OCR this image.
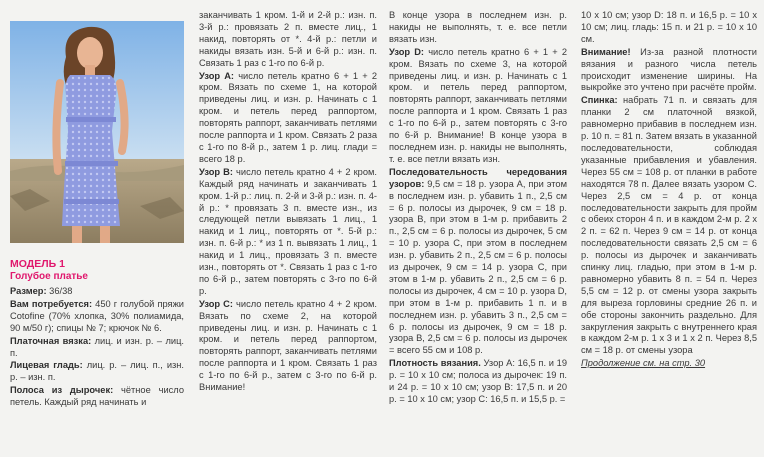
МОДЕЛЬ 1
Голубое платье

Размер: 36/38

Вам потребуется: 450 г голубой пряжи Cotofine (70% хлопка, 30% полиамида, 90 м/50 г); спицы № 7; крючок № 6.

Платочная вязка: лиц. и изн. р. – лиц. п.

Лицевая гладь: лиц. р. – лиц. п., изн. р. – изн. п.

Полоса из дырочек: чётное число петель. Каждый ряд начинать и

заканчивать 1 кром. 1-й и 2-й р.: изн. п. 3-й р.: провязать 2 п. вместе лиц., 1 накид, повторять от *. 4-й р.: петли и накиды вязать изн. 5-й и 6-й р.: изн. п. Связать 1 раз с 1-го по 6-й р.

Узор A: число петель кратно 6 + 1 + 2 кром. Вязать по схеме 1, на которой приведены лиц. и изн. р. Начинать с 1 кром. и петель перед раппортом, повторять раппорт, заканчивать петлями после раппорта и 1 кром. Связать 2 раза с 1-го по 8-й р., затем 1 р. лиц. глади = всего 18 р.

Узор B: число петель кратно 4 + 2 кром. Каждый ряд начинать и заканчивать 1 кром. 1-й р.: лиц. п. 2-й и 3-й р.: изн. п. 4-й р.: * провязать 3 п. вместе изн., из следующей петли вывязать 1 лиц., 1 накид и 1 лиц., повторять от *. 5-й р.: изн. п. 6-й р.: * из 1 п. вывязать 1 лиц., 1 накид и 1 лиц., провязать 3 п. вместе изн., повторять от *. Связать 1 раз с 1-го по 6-й р., затем повторять с 3-го по 6-й р.

Узор C: число петель кратно 4 + 2 кром. Вязать по схеме 2, на которой приведены лиц. и изн. р. Начинать с 1 кром. и петель перед раппортом, повторять раппорт, заканчивать петлями после раппорта и 1 кром. Связать 1 раз с 1-го по 6-й р., затем с 3-го по 6-й р. Внимание!

В конце узора в последнем изн. р. накиды не выполнять, т. е. все петли вязать изн.

Узор D: число петель кратно 6 + 1 + 2 кром. Вязать по схеме 3, на которой приведены лиц. и изн. р. Начинать с 1 кром. и петель перед раппортом, повторять раппорт, заканчивать петлями после раппорта и 1 кром. Связать 1 раз с 1-го по 6-й р., затем повторять с 3-го по 6-й р. Внимание! В конце узора в последнем изн. р. накиды не выполнять, т. е. все петли вязать изн.

Последовательность чередования узоров: 9,5 см = 18 р. узора A, при этом в последнем изн. р. убавить 1 п., 2,5 см = 6 р. полосы из дырочек, 9 см = 18 р. узора B, при этом в 1-м р. прибавить 2 п., 2,5 см = 6 р. полосы из дырочек, 5 см = 10 р. узора C, при этом в последнем изн. р. убавить 2 п., 2,5 см = 6 р. полосы из дырочек, 9 см = 14 р. узора C, при этом в 1-м р. убавить 2 п., 2,5 см = 6 р. полосы из дырочек, 4 см = 10 р. узора D, при этом в 1-м р. прибавить 1 п. и в последнем изн. р. убавить 3 п., 2,5 см = 6 р. полосы из дырочек, 9 см = 18 р. узора B, 2,5 см = 6 р. полосы из дырочек = всего 55 см и 108 р.

Плотность вязания. Узор A: 16,5 п. и 19 р. = 10 х 10 см; полоса из дырочек: 19 п. и 24 р. = 10 х 10 см; узор B: 17,5 п. и 20 р. = 10 х 10 см; узор C: 16,5 п. и 15,5 р. =

10 х 10 см; узор D: 18 п. и 16,5 р. = 10 х 10 см; лиц. гладь: 15 п. и 21 р. = 10 х 10 см.

Внимание! Из-за разной плотности вязания и разного числа петель происходит изменение ширины. На выкройке это учтено при расчёте пройм.

Спинка: набрать 71 п. и связать для планки 2 см платочной вязкой, равномерно прибавив в последнем изн. р. 10 п. = 81 п. Затем вязать в указанной последовательности, соблюдая указанные прибавления и убавления. Через 55 см = 108 р. от планки в работе находятся 78 п. Далее вязать узором C. Через 2,5 см = 4 р. от конца последовательности закрыть для пройм с обеих сторон 4 п. и в каждом 2-м р. 2 х 2 п. = 62 п. Через 9 см = 14 р. от конца последовательности связать 2,5 см = 6 р. полосы из дырочек и заканчивать спинку лиц. гладью, при этом в 1-м р. равномерно убавить 8 п. = 54 п. Через 5,5 см = 12 р. от смены узора закрыть для выреза горловины средние 26 п. и обе стороны закончить раздельно. Для закругления закрыть с внутреннего края в каждом 2-м р. 1 х 3 и 1 х 2 п. Через 8,5 см = 18 р. от смены узора

Продолжение см. на стр. 30
